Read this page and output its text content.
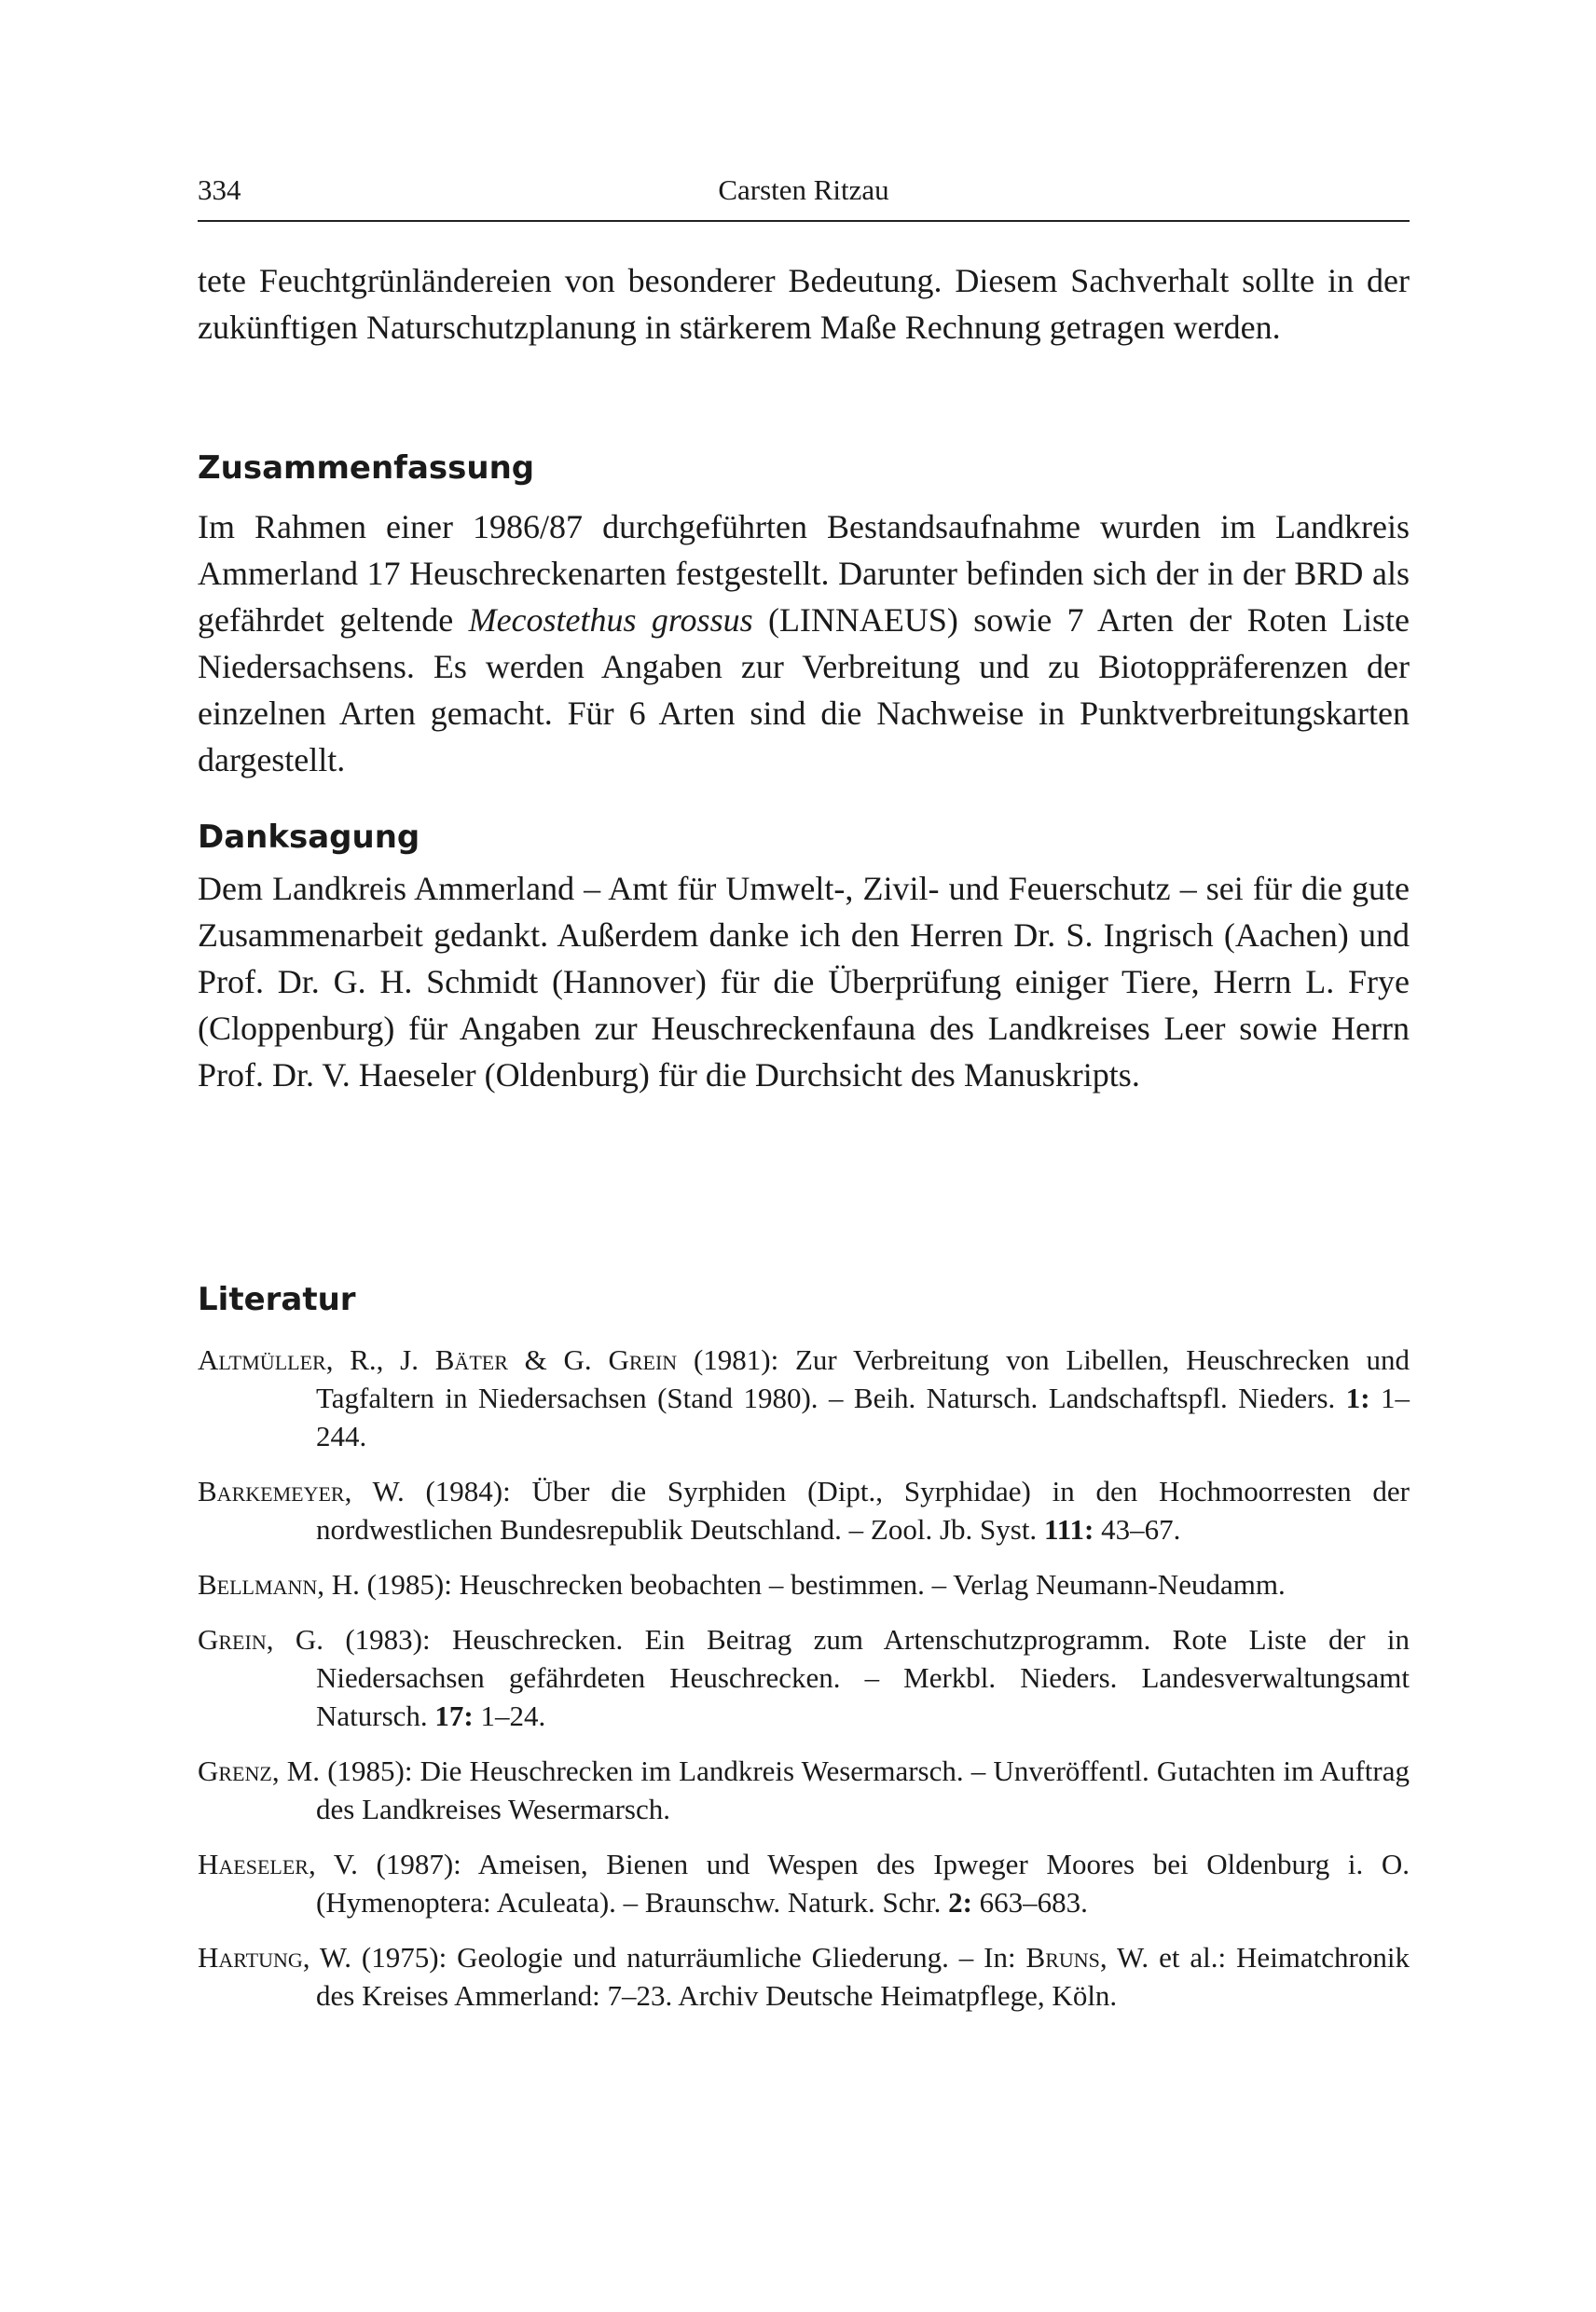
334	Carsten Ritzau

tete Feuchtgrünländereien von besonderer Bedeutung. Diesem Sachverhalt sollte in der zukünftigen Naturschutzplanung in stärkerem Maße Rechnung getragen werden.

Zusammenfassung

Im Rahmen einer 1986/87 durchgeführten Bestandsaufnahme wurden im Landkreis Ammerland 17 Heuschreckenarten festgestellt. Darunter befinden sich der in der BRD als gefährdet geltende Mecostethus grossus (LINNAEUS) sowie 7 Arten der Roten Liste Niedersachsens. Es werden Angaben zur Verbreitung und zu Biotoppräferenzen der einzelnen Arten gemacht. Für 6 Arten sind die Nachweise in Punktverbreitungskarten dargestellt.

Danksagung

Dem Landkreis Ammerland – Amt für Umwelt-, Zivil- und Feuerschutz – sei für die gute Zusammenarbeit gedankt. Außerdem danke ich den Herren Dr. S. Ingrisch (Aachen) und Prof. Dr. G. H. Schmidt (Hannover) für die Überprüfung einiger Tiere, Herrn L. Frye (Cloppenburg) für Angaben zur Heuschreckenfauna des Landkreises Leer sowie Herrn Prof. Dr. V. Haeseler (Oldenburg) für die Durchsicht des Manuskripts.

Literatur

Altmüller, R., J. Bäter & G. Grein (1981): Zur Verbreitung von Libellen, Heuschrecken und Tagfaltern in Niedersachsen (Stand 1980). – Beih. Natursch. Landschaftspfl. Nieders. 1: 1–244.

Barkemeyer, W. (1984): Über die Syrphiden (Dipt., Syrphidae) in den Hochmoorresten der nordwestlichen Bundesrepublik Deutschland. – Zool. Jb. Syst. 111: 43–67.

Bellmann, H. (1985): Heuschrecken beobachten – bestimmen. – Verlag Neumann-Neudamm.

Grein, G. (1983): Heuschrecken. Ein Beitrag zum Artenschutzprogramm. Rote Liste der in Niedersachsen gefährdeten Heuschrecken. – Merkbl. Nieders. Landesverwaltungsamt Natursch. 17: 1–24.

Grenz, M. (1985): Die Heuschrecken im Landkreis Wesermarsch. – Unveröffentl. Gutachten im Auftrag des Landkreises Wesermarsch.

Haeseler, V. (1987): Ameisen, Bienen und Wespen des Ipweger Moores bei Oldenburg i. O. (Hymenoptera: Aculeata). – Braunschw. Naturk. Schr. 2: 663–683.

Hartung, W. (1975): Geologie und naturräumliche Gliederung. – In: Bruns, W. et al.: Heimatchronik des Kreises Ammerland: 7–23. Archiv Deutsche Heimatpflege, Köln.
